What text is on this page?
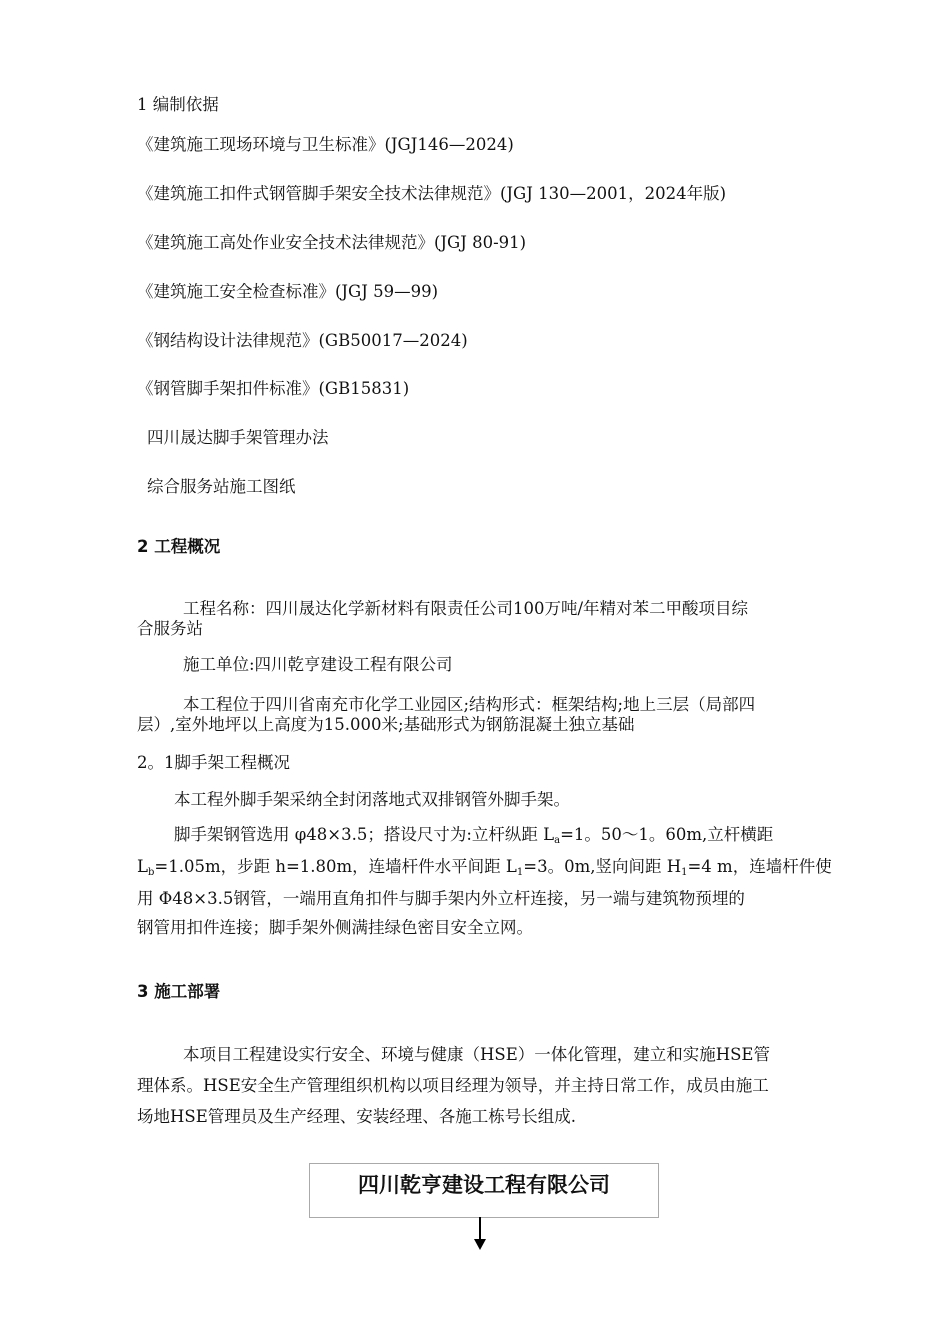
1 编制依据
《建筑施工现场环境与卫生标准》(JGJ146—2024)
《建筑施工扣件式钢管脚手架安全技术法律规范》(JGJ 130—2001，2024年版)
《建筑施工高处作业安全技术法律规范》(JGJ 80-91)
《建筑施工安全检查标准》(JGJ 59—99)
《钢结构设计法律规范》(GB50017—2024)
《钢管脚手架扣件标准》(GB15831)
四川晟达脚手架管理办法
综合服务站施工图纸
2 工程概况
工程名称：四川晟达化学新材料有限责任公司100万吨/年精对苯二甲酸项目综
合服务站
施工单位:四川乾亨建设工程有限公司
本工程位于四川省南充市化学工业园区;结构形式：框架结构;地上三层（局部四
层）,室外地坪以上高度为15.000米;基础形式为钢筋混凝土独立基础
2。1脚手架工程概况
本工程外脚手架采纳全封闭落地式双排钢管外脚手架。
脚手架钢管选用 φ48×3.5；搭设尺寸为:立杆纵距 $L_a=1$。50～1。60m,立杆横距
$L_b=1.05m$，步距 h=1.80m，连墙杆件水平间距 $L_1=3$。0m,竖向间距 $H_1=4$ m，连墙杆件使
用 Φ48×3.5钢管，一端用直角扣件与脚手架内外立杆连接，另一端与建筑物预埋的
钢管用扣件连接；脚手架外侧满挂绿色密目安全立网。
3 施工部署
本项目工程建设实行安全、环境与健康（HSE）一体化管理，建立和实施HSE管
理体系。HSE安全生产管理组织机构以项目经理为领导，并主持日常工作，成员由施工
场地HSE管理员及生产经理、安装经理、各施工栋号长组成.
四川乾亨建设工程有限公司
